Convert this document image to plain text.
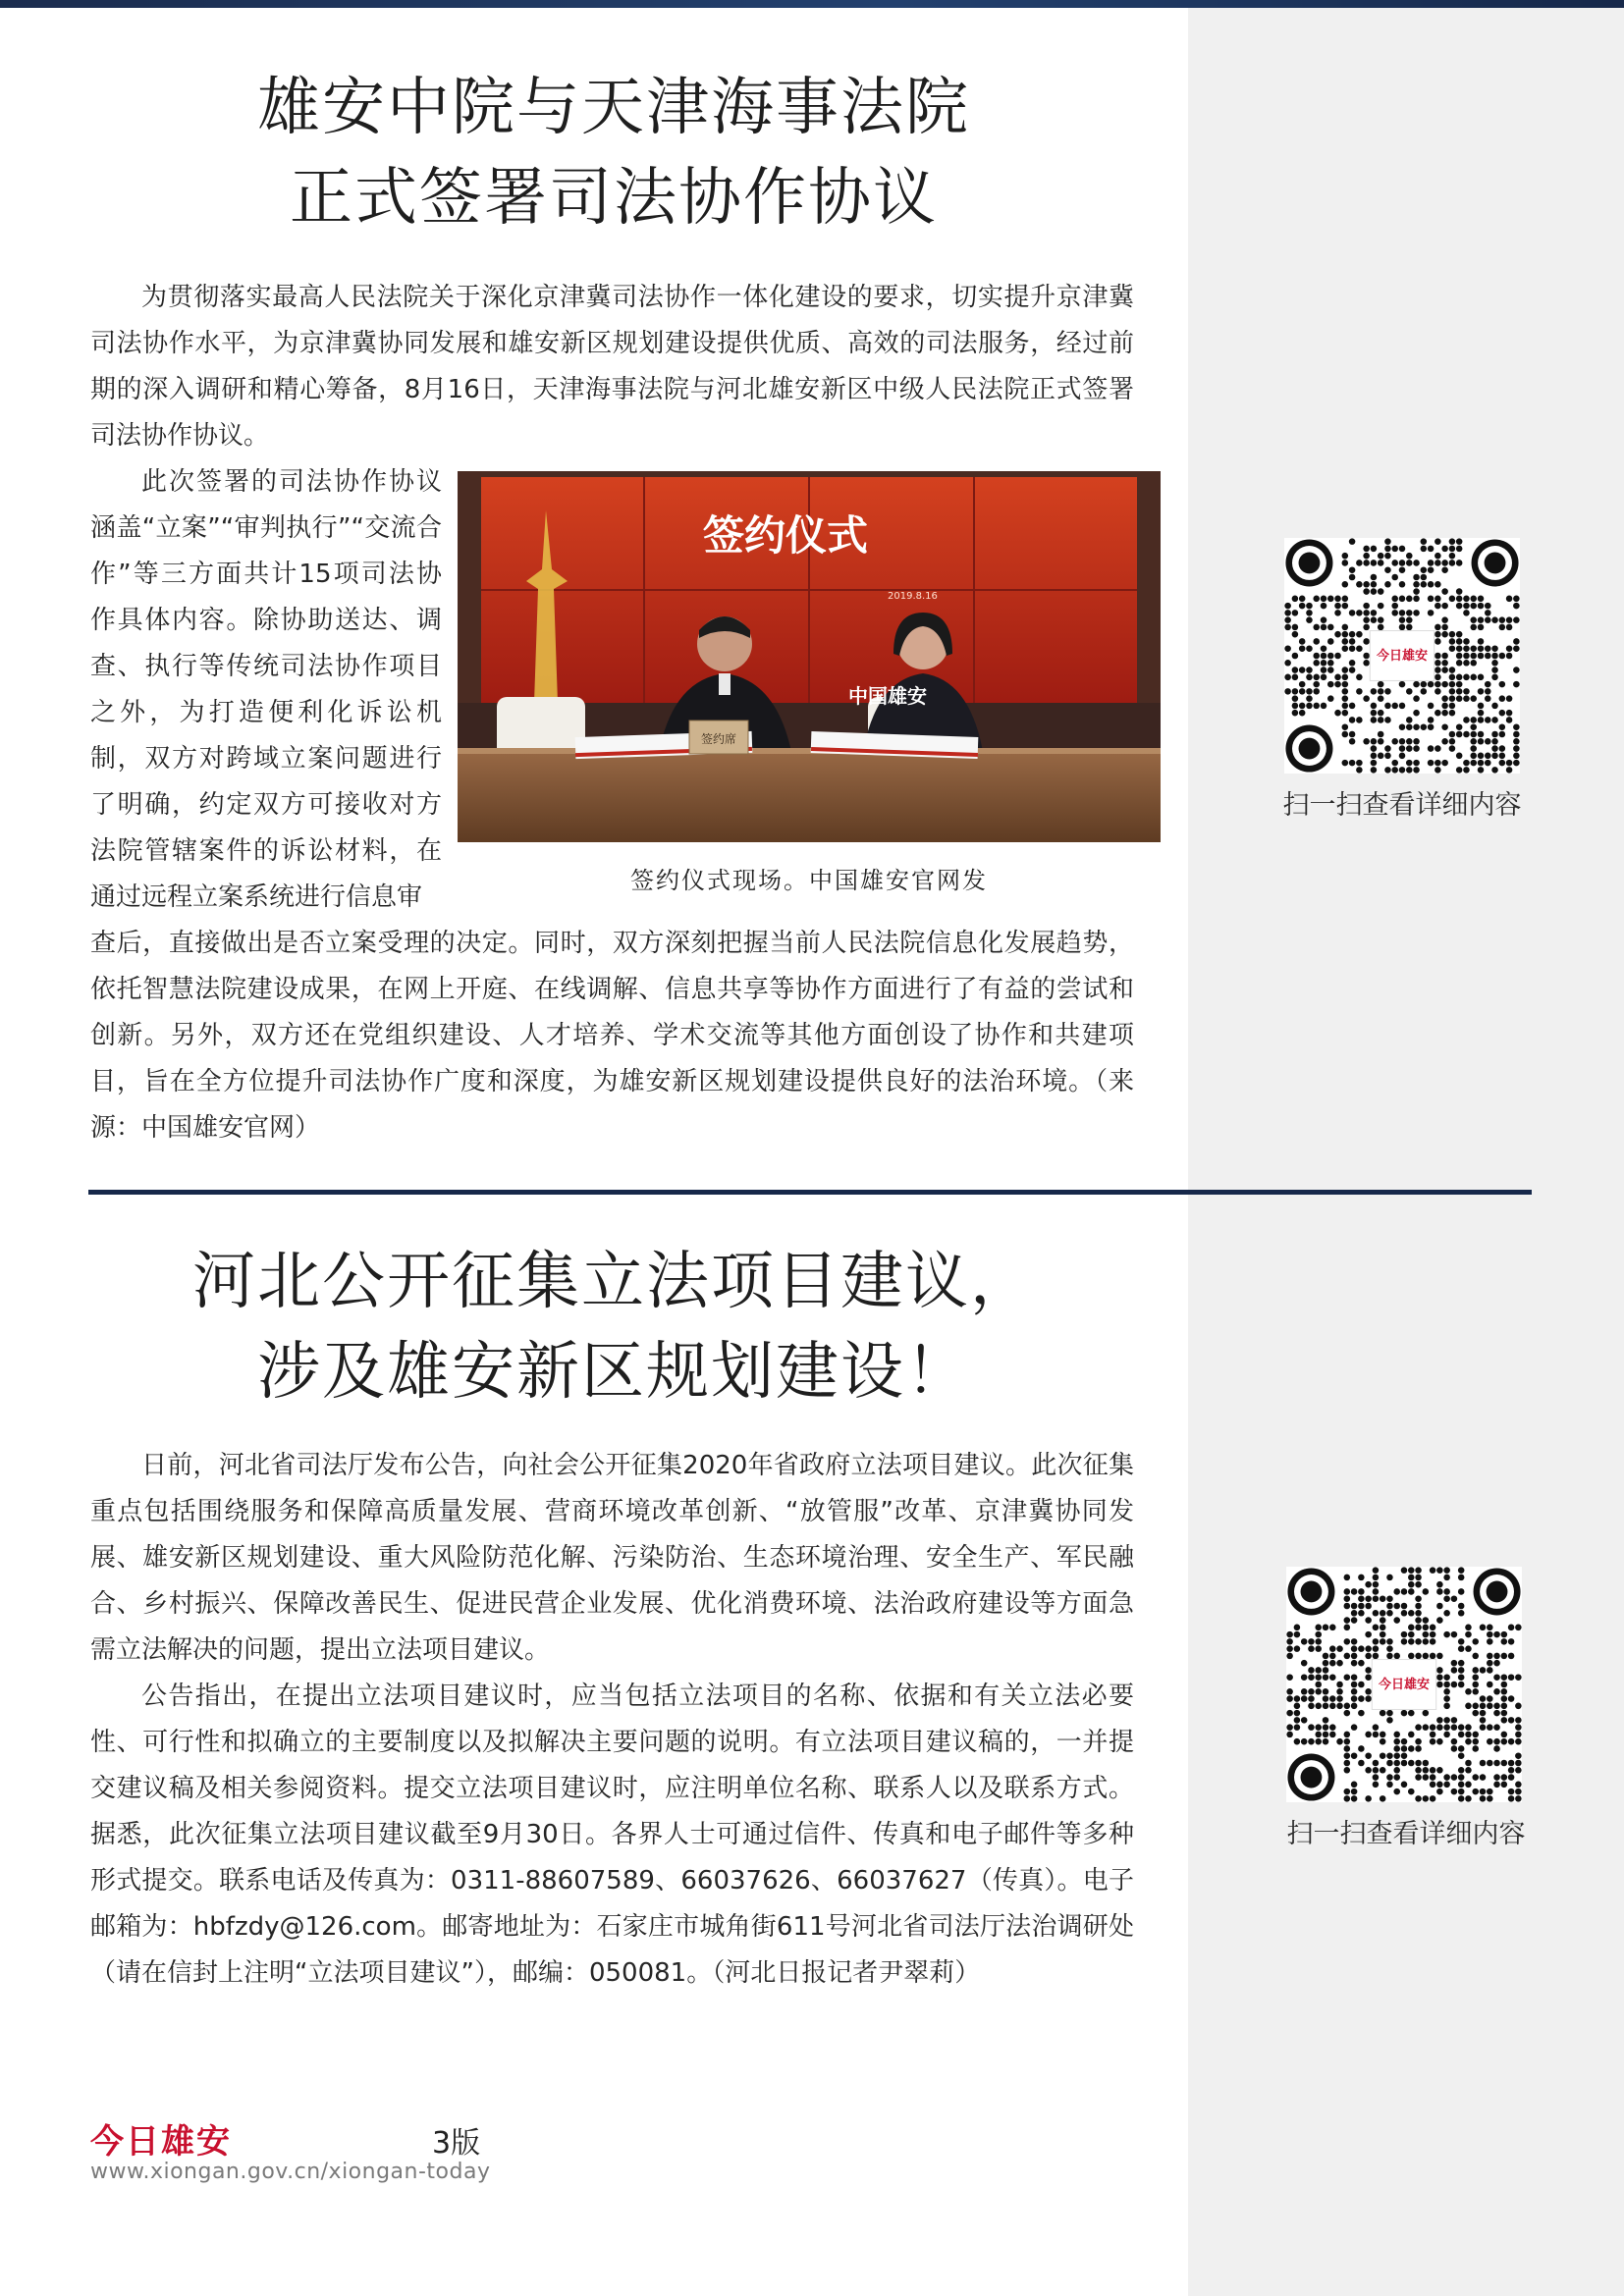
雄安中院与天津海事法院
正式签署司法协作协议

为贯彻落实最高人民法院关于深化京津冀司法协作一体化建设的要求，切实提升京津冀司法协作水平，为京津冀协同发展和雄安新区规划建设提供优质、高效的司法服务，经过前期的深入调研和精心筹备，8月16日，天津海事法院与河北雄安新区中级人民法院正式签署司法协作协议。

此次签署的司法协作协议涵盖“立案”“审判执行”“交流合作”等三方面共计15项司法协作具体内容。除协助送达、调查、执行等传统司法协作项目之外，为打造便利化诉讼机制，双方对跨域立案问题进行了明确，约定双方可接收对方法院管辖案件的诉讼材料，在通过远程立案系统进行信息审

签约仪式
2019.8.16
签约席
中国雄安
签约仪式现场。中国雄安官网发

查后，直接做出是否立案受理的决定。同时，双方深刻把握当前人民法院信息化发展趋势，依托智慧法院建设成果，在网上开庭、在线调解、信息共享等协作方面进行了有益的尝试和创新。另外，双方还在党组织建设、人才培养、学术交流等其他方面创设了协作和共建项目，旨在全方位提升司法协作广度和深度，为雄安新区规划建设提供良好的法治环境。（来源：中国雄安官网）

河北公开征集立法项目建议，
涉及雄安新区规划建设！

日前，河北省司法厅发布公告，向社会公开征集2020年省政府立法项目建议。此次征集重点包括围绕服务和保障高质量发展、营商环境改革创新、“放管服”改革、京津冀协同发展、雄安新区规划建设、重大风险防范化解、污染防治、生态环境治理、安全生产、军民融合、乡村振兴、保障改善民生、促进民营企业发展、优化消费环境、法治政府建设等方面急需立法解决的问题，提出立法项目建议。

公告指出，在提出立法项目建议时，应当包括立法项目的名称、依据和有关立法必要性、可行性和拟确立的主要制度以及拟解决主要问题的说明。有立法项目建议稿的，一并提交建议稿及相关参阅资料。提交立法项目建议时，应注明单位名称、联系人以及联系方式。据悉，此次征集立法项目建议截至9月30日。各界人士可通过信件、传真和电子邮件等多种形式提交。联系电话及传真为：0311-88607589、66037626、66037627（传真）。电子邮箱为：hbfzdy@126.com。邮寄地址为：石家庄市城角街611号河北省司法厅法治调研处（请在信封上注明“立法项目建议”），邮编：050081。（河北日报记者尹翠莉）

今日雄安
扫一扫查看详细内容
今日雄安
扫一扫查看详细内容
今日雄安	3版
www.xiongan.gov.cn/xiongan-today
